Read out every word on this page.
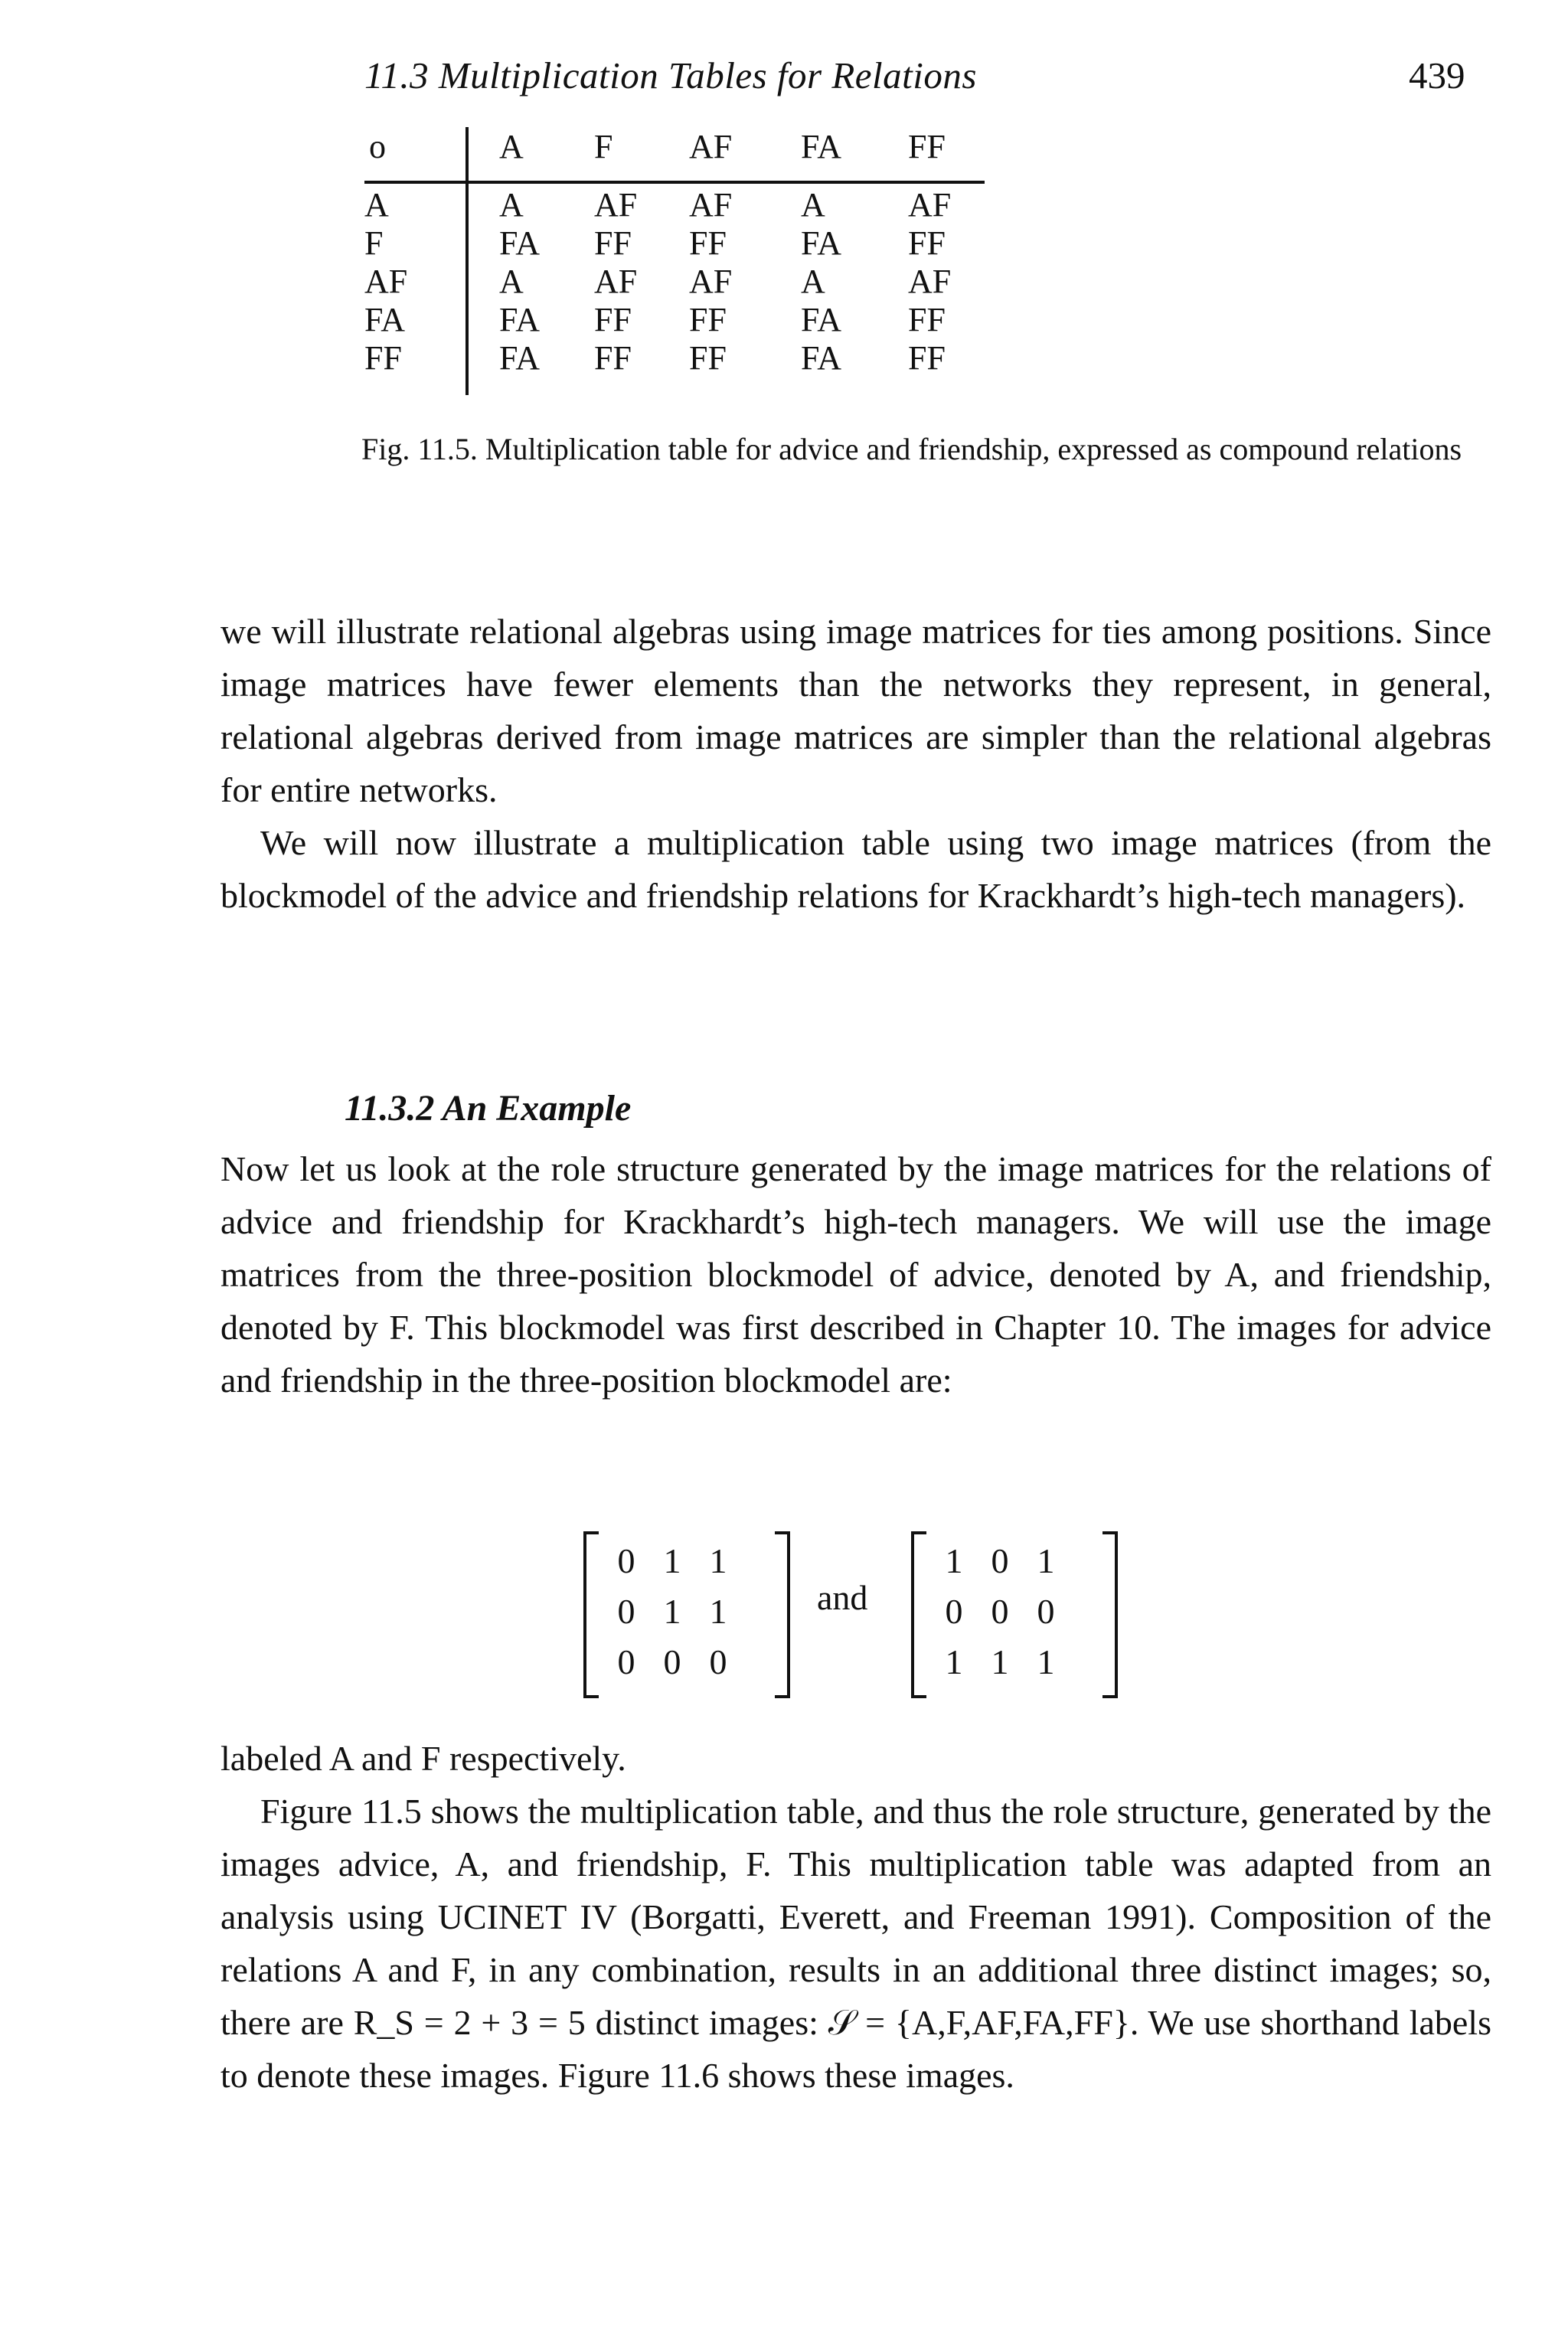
11.3 Multiplication Tables for Relations	439
o	A F AF FA FF
A	A AF AF A AF
F	FA FF FF FA FF
AF	A AF AF A AF
FA	FA FF FF FA FF
FF	FA FF FF FA FF
Fig. 11.5. Multiplication table for advice and friendship, expressed as compound relations
we will illustrate relational algebras using image matrices for ties among positions. Since image matrices have fewer elements than the networks they represent, in general, relational algebras derived from image matrices are simpler than the relational algebras for entire networks.
We will now illustrate a multiplication table using two image matrices (from the blockmodel of the advice and friendship relations for Krackhardt’s high-tech managers).
11.3.2 An Example
Now let us look at the role structure generated by the image matrices for the relations of advice and friendship for Krackhardt’s high-tech managers. We will use the image matrices from the three-position blockmodel of advice, denoted by A, and friendship, denoted by F. This blockmodel was first described in Chapter 10. The images for advice and friendship in the three-position blockmodel are:
0 1 1
0 1 1
0 0 0
and
1 0 1
0 0 0
1 1 1
labeled A and F respectively.
Figure 11.5 shows the multiplication table, and thus the role structure, generated by the images advice, A, and friendship, F. This multiplication table was adapted from an analysis using UCINET IV (Borgatti, Everett, and Freeman 1991). Composition of the relations A and F, in any combination, results in an additional three distinct images; so, there are R_S = 2 + 3 = 5 distinct images: 𝒮 = {A,F,AF,FA,FF}. We use shorthand labels to denote these images. Figure 11.6 shows these images.
